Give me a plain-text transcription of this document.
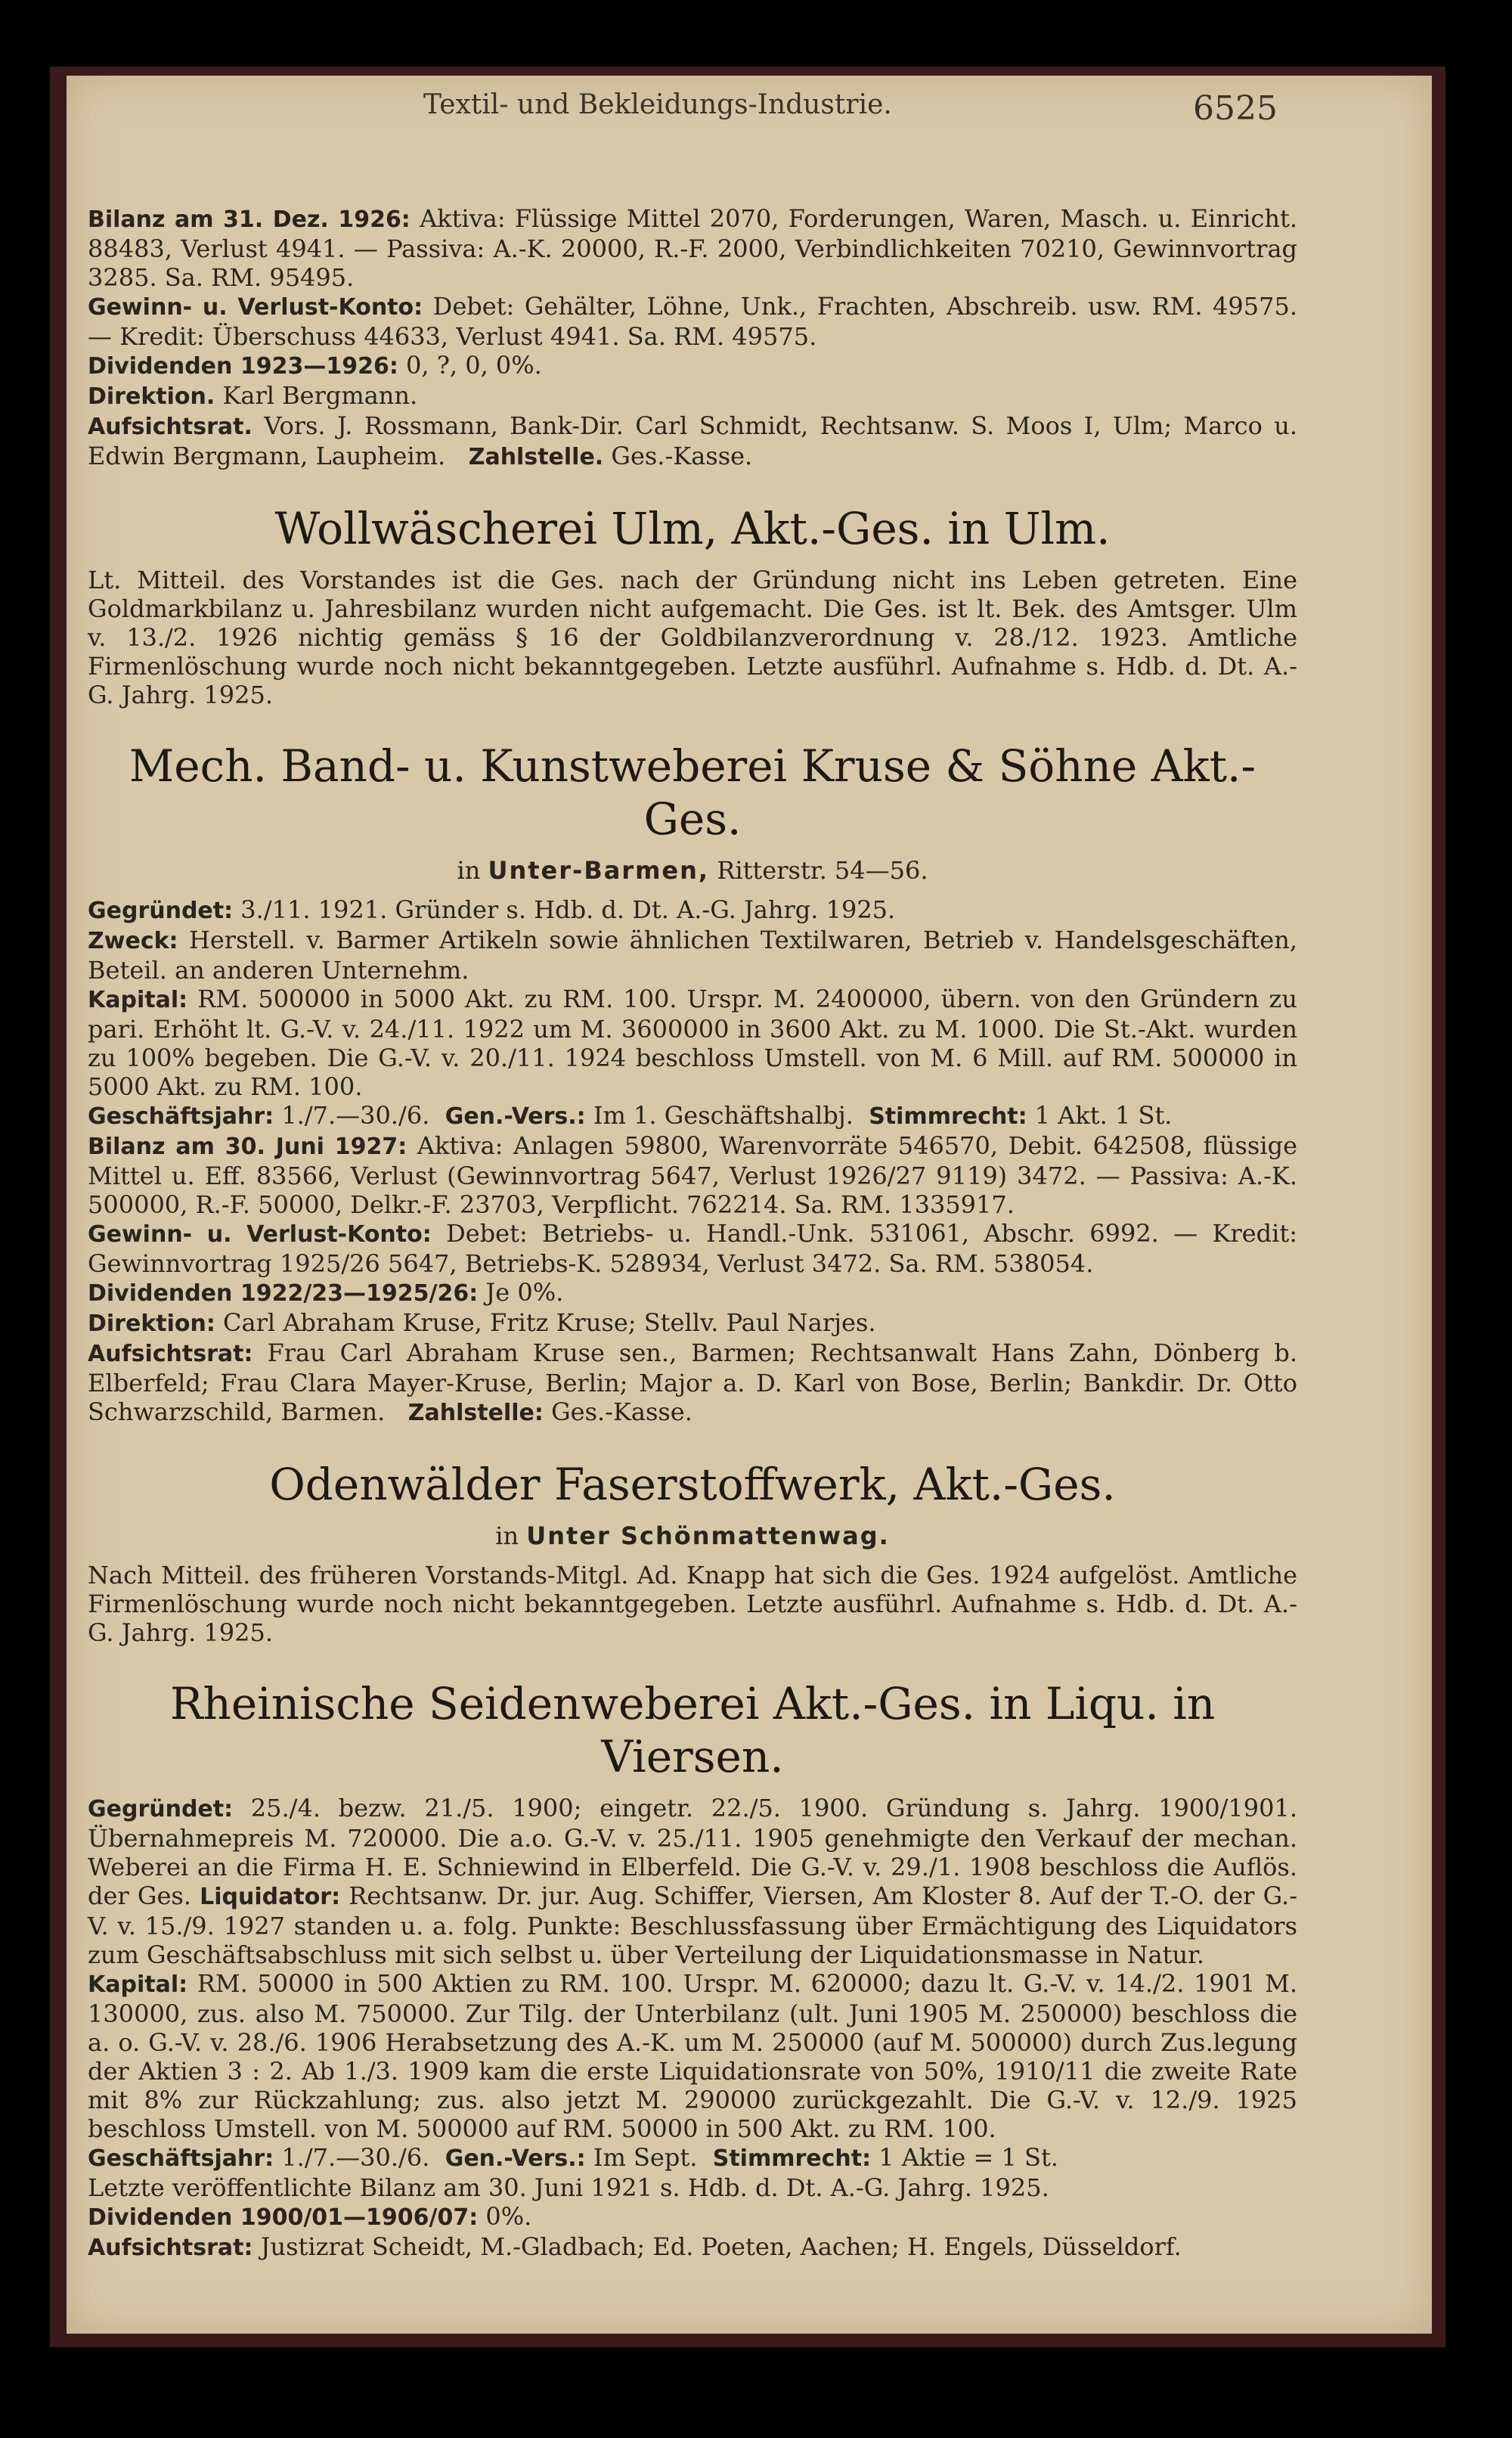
Textil- und Bekleidungs-Industrie.	6525

Bilanz am 31. Dez. 1926: Aktiva: Flüssige Mittel 2070, Forderungen, Waren, Masch. u. Einricht. 88483, Verlust 4941. — Passiva: A.-K. 20000, R.-F. 2000, Verbindlichkeiten 70210, Gewinnvortrag 3285. Sa. RM. 95495.

Gewinn- u. Verlust-Konto: Debet: Gehälter, Löhne, Unk., Frachten, Abschreib. usw. RM. 49575. — Kredit: Überschuss 44633, Verlust 4941. Sa. RM. 49575.

Dividenden 1923—1926: 0, ?, 0, 0%.

Direktion. Karl Bergmann.

Aufsichtsrat. Vors. J. Rossmann, Bank-Dir. Carl Schmidt, Rechtsanw. S. Moos I, Ulm; Marco u. Edwin Bergmann, Laupheim. Zahlstelle. Ges.-Kasse.

Wollwäscherei Ulm, Akt.-Ges. in Ulm.

Lt. Mitteil. des Vorstandes ist die Ges. nach der Gründung nicht ins Leben getreten. Eine Goldmarkbilanz u. Jahresbilanz wurden nicht aufgemacht. Die Ges. ist lt. Bek. des Amtsger. Ulm v. 13./2. 1926 nichtig gemäss § 16 der Goldbilanzverordnung v. 28./12. 1923. Amtliche Firmenlöschung wurde noch nicht bekanntgegeben. Letzte ausführl. Aufnahme s. Hdb. d. Dt. A.-G. Jahrg. 1925.

Mech. Band- u. Kunstweberei Kruse & Söhne Akt.-Ges.
in Unter-Barmen, Ritterstr. 54—56.

Gegründet: 3./11. 1921. Gründer s. Hdb. d. Dt. A.-G. Jahrg. 1925.

Zweck: Herstell. v. Barmer Artikeln sowie ähnlichen Textilwaren, Betrieb v. Handelsgeschäften, Beteil. an anderen Unternehm.

Kapital: RM. 500000 in 5000 Akt. zu RM. 100. Urspr. M. 2400000, übern. von den Gründern zu pari. Erhöht lt. G.-V. v. 24./11. 1922 um M. 3600000 in 3600 Akt. zu M. 1000. Die St.-Akt. wurden zu 100% begeben. Die G.-V. v. 20./11. 1924 beschloss Umstell. von M. 6 Mill. auf RM. 500000 in 5000 Akt. zu RM. 100.

Geschäftsjahr: 1./7.—30./6. Gen.-Vers.: Im 1. Geschäftshalbj. Stimmrecht: 1 Akt. 1 St.

Bilanz am 30. Juni 1927: Aktiva: Anlagen 59800, Warenvorräte 546570, Debit. 642508, flüssige Mittel u. Eff. 83566, Verlust (Gewinnvortrag 5647, Verlust 1926/27 9119) 3472. — Passiva: A.-K. 500000, R.-F. 50000, Delkr.-F. 23703, Verpflicht. 762214. Sa. RM. 1335917.

Gewinn- u. Verlust-Konto: Debet: Betriebs- u. Handl.-Unk. 531061, Abschr. 6992. — Kredit: Gewinnvortrag 1925/26 5647, Betriebs-K. 528934, Verlust 3472. Sa. RM. 538054.

Dividenden 1922/23—1925/26: Je 0%.

Direktion: Carl Abraham Kruse, Fritz Kruse; Stellv. Paul Narjes.

Aufsichtsrat: Frau Carl Abraham Kruse sen., Barmen; Rechtsanwalt Hans Zahn, Dönberg b. Elberfeld; Frau Clara Mayer-Kruse, Berlin; Major a. D. Karl von Bose, Berlin; Bankdir. Dr. Otto Schwarzschild, Barmen. Zahlstelle: Ges.-Kasse.

Odenwälder Faserstoffwerk, Akt.-Ges.
in Unter Schönmattenwag.

Nach Mitteil. des früheren Vorstands-Mitgl. Ad. Knapp hat sich die Ges. 1924 aufgelöst. Amtliche Firmenlöschung wurde noch nicht bekanntgegeben. Letzte ausführl. Aufnahme s. Hdb. d. Dt. A.-G. Jahrg. 1925.

Rheinische Seidenweberei Akt.-Ges. in Liqu. in Viersen.

Gegründet: 25./4. bezw. 21./5. 1900; eingetr. 22./5. 1900. Gründung s. Jahrg. 1900/1901. Übernahmepreis M. 720000. Die a.o. G.-V. v. 25./11. 1905 genehmigte den Verkauf der mechan. Weberei an die Firma H. E. Schniewind in Elberfeld. Die G.-V. v. 29./1. 1908 beschloss die Auflös. der Ges. Liquidator: Rechtsanw. Dr. jur. Aug. Schiffer, Viersen, Am Kloster 8. Auf der T.-O. der G.-V. v. 15./9. 1927 standen u. a. folg. Punkte: Beschlussfassung über Ermächtigung des Liquidators zum Geschäftsabschluss mit sich selbst u. über Verteilung der Liquidationsmasse in Natur.

Kapital: RM. 50000 in 500 Aktien zu RM. 100. Urspr. M. 620000; dazu lt. G.-V. v. 14./2. 1901 M. 130000, zus. also M. 750000. Zur Tilg. der Unterbilanz (ult. Juni 1905 M. 250000) beschloss die a. o. G.-V. v. 28./6. 1906 Herabsetzung des A.-K. um M. 250000 (auf M. 500000) durch Zus.legung der Aktien 3 : 2. Ab 1./3. 1909 kam die erste Liquidationsrate von 50%, 1910/11 die zweite Rate mit 8% zur Rückzahlung; zus. also jetzt M. 290000 zurückgezahlt. Die G.-V. v. 12./9. 1925 beschloss Umstell. von M. 500000 auf RM. 50000 in 500 Akt. zu RM. 100.

Geschäftsjahr: 1./7.—30./6. Gen.-Vers.: Im Sept. Stimmrecht: 1 Aktie = 1 St.

Letzte veröffentlichte Bilanz am 30. Juni 1921 s. Hdb. d. Dt. A.-G. Jahrg. 1925.

Dividenden 1900/01—1906/07: 0%.

Aufsichtsrat: Justizrat Scheidt, M.-Gladbach; Ed. Poeten, Aachen; H. Engels, Düsseldorf.
